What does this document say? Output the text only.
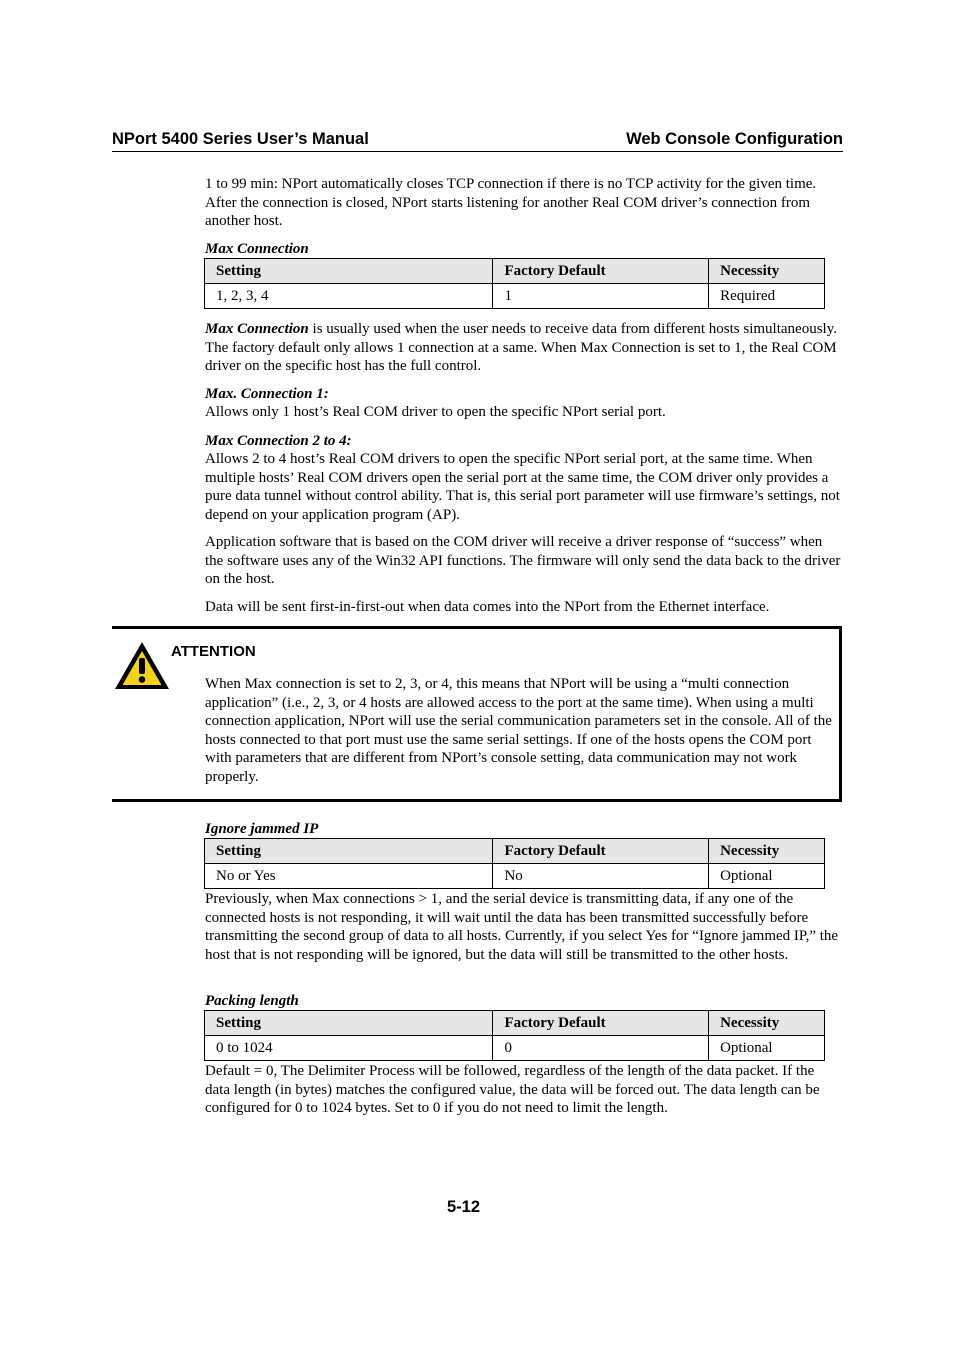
NPort 5400 Series User’s Manual	Web Console Configuration
1 to 99 min: NPort automatically closes TCP connection if there is no TCP activity for the given time. After the connection is closed, NPort starts listening for another Real COM driver’s connection from another host.
Max Connection
Setting	Factory Default	Necessity
1, 2, 3, 4	1	Required
Max Connection is usually used when the user needs to receive data from different hosts simultaneously. The factory default only allows 1 connection at a same. When Max Connection is set to 1, the Real COM driver on the specific host has the full control.
Max. Connection 1:
Allows only 1 host’s Real COM driver to open the specific NPort serial port.
Max Connection 2 to 4:
Allows 2 to 4 host’s Real COM drivers to open the specific NPort serial port, at the same time. When multiple hosts’ Real COM drivers open the serial port at the same time, the COM driver only provides a pure data tunnel without control ability. That is, this serial port parameter will use firmware’s settings, not depend on your application program (AP).
Application software that is based on the COM driver will receive a driver response of “success” when the software uses any of the Win32 API functions. The firmware will only send the data back to the driver on the host.
Data will be sent first-in-first-out when data comes into the NPort from the Ethernet interface.
ATTENTION
When Max connection is set to 2, 3, or 4, this means that NPort will be using a “multi connection application” (i.e., 2, 3, or 4 hosts are allowed access to the port at the same time). When using a multi connection application, NPort will use the serial communication parameters set in the console. All of the hosts connected to that port must use the same serial settings. If one of the hosts opens the COM port with parameters that are different from NPort’s console setting, data communication may not work properly.
Ignore jammed IP
Setting	Factory Default	Necessity
No or Yes	No	Optional
Previously, when Max connections > 1, and the serial device is transmitting data, if any one of the connected hosts is not responding, it will wait until the data has been transmitted successfully before transmitting the second group of data to all hosts. Currently, if you select Yes for “Ignore jammed IP,” the host that is not responding will be ignored, but the data will still be transmitted to the other hosts.
Packing length
Setting	Factory Default	Necessity
0 to 1024	0	Optional
Default = 0, The Delimiter Process will be followed, regardless of the length of the data packet. If the data length (in bytes) matches the configured value, the data will be forced out. The data length can be configured for 0 to 1024 bytes. Set to 0 if you do not need to limit the length.
5-12
